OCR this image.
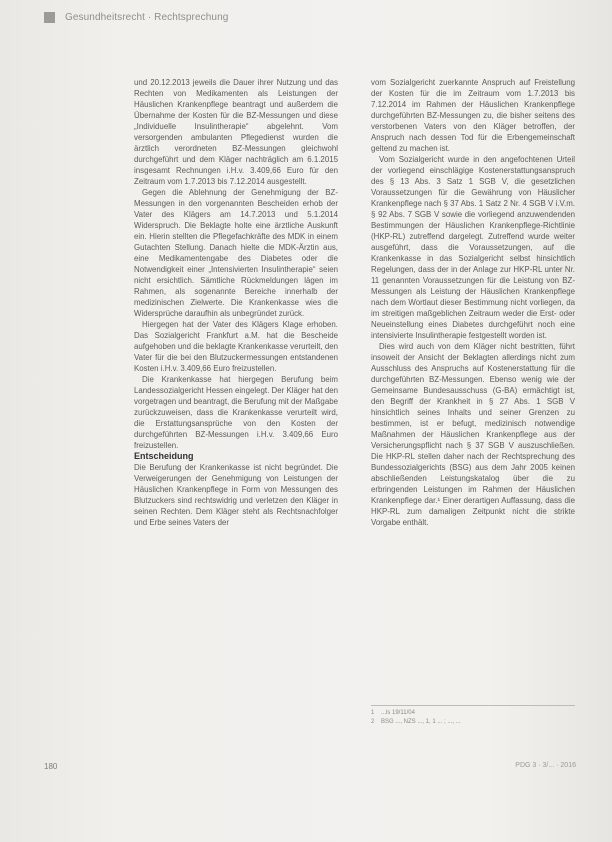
Gesundheitsrecht · Rechtsprechung

und 20.12.2013 jeweils die Dauer ihrer Nutzung und das Rechten von Medikamenten als Leistungen der Häuslichen Krankenpflege beantragt und außerdem die Übernahme der Kosten für die BZ-Messungen und diese „Individuelle Insulintherapie“ abgelehnt. Vom versorgenden ambulanten Pflegedienst wurden die ärztlich verordneten BZ-Messungen gleichwohl durchgeführt und dem Kläger nachträglich am 6.1.2015 insgesamt Rechnungen i.H.v. 3.409,66 Euro für den Zeitraum vom 1.7.2013 bis 7.12.2014 ausgestellt.

Gegen die Ablehnung der Genehmigung der BZ-Messungen in den vorgenannten Bescheiden erhob der Vater des Klägers am 14.7.2013 und 5.1.2014 Widerspruch. Die Beklagte holte eine ärztliche Auskunft ein. Hierin stellten die Pflegefachkräfte des MDK in einem Gutachten Stellung. Danach hielte die MDK-Ärztin aus, eine Medikamentengabe des Diabetes oder die Notwendigkeit einer „Intensivierten Insulintherapie“ seien nicht ersichtlich. Sämtliche Rückmeldungen lägen im Rahmen, als sogenannte Bereiche innerhalb der medizinischen Zielwerte. Die Krankenkasse wies die Widersprüche daraufhin als unbegründet zurück.

Hiergegen hat der Vater des Klägers Klage erhoben. Das Sozialgericht Frankfurt a.M. hat die Bescheide aufgehoben und die beklagte Krankenkasse verurteilt, den Vater für die bei den Blutzuckermessungen entstandenen Kosten i.H.v. 3.409,66 Euro freizustellen.

Die Krankenkasse hat hiergegen Berufung beim Landessozialgericht Hessen eingelegt. Der Kläger hat den vorgetragen und beantragt, die Berufung mit der Maßgabe zurückzuweisen, dass die Krankenkasse verurteilt wird, die Erstattungsansprüche von den Kosten der durchgeführten BZ-Messungen i.H.v. 3.409,66 Euro freizustellen.

Entscheidung

Die Berufung der Krankenkasse ist nicht begründet. Die Verweigerungen der Genehmigung von Leistungen der Häuslichen Krankenpflege in Form von Messungen des Blutzuckers sind rechtswidrig und verletzen den Kläger in seinen Rechten. Dem Kläger steht als Rechtsnachfolger und Erbe seines Vaters der

vom Sozialgericht zuerkannte Anspruch auf Freistellung der Kosten für die im Zeitraum vom 1.7.2013 bis 7.12.2014 im Rahmen der Häuslichen Krankenpflege durchgeführten BZ-Messungen zu, die bisher seitens des verstorbenen Vaters von den Kläger betroffen, der Anspruch nach dessen Tod für die Erbengemeinschaft geltend zu machen ist.

Vom Sozialgericht wurde in den angefochtenen Urteil der vorliegend einschlägige Kostenerstattungsanspruch des § 13 Abs. 3 Satz 1 SGB V, die gesetzlichen Voraussetzungen für die Gewährung von Häuslicher Krankenpflege nach § 37 Abs. 1 Satz 2 Nr. 4 SGB V i.V.m. § 92 Abs. 7 SGB V sowie die vorliegend anzuwendenden Bestimmungen der Häuslichen Krankenpflege-Richtlinie (HKP-RL) zutreffend dargelegt. Zutreffend wurde weiter ausgeführt, dass die Voraussetzungen, auf die Krankenkasse in das Sozialgericht selbst hinsichtlich Regelungen, dass der in der Anlage zur HKP-RL unter Nr. 11 genannten Voraussetzungen für die Leistung von BZ-Messungen als Leistung der Häuslichen Krankenpflege nach dem Wortlaut dieser Bestimmung nicht vorliegen, da im streitigen maßgeblichen Zeitraum weder die Erst- oder Neueinstellung eines Diabetes durchgeführt noch eine intensivierte Insulintherapie festgestellt worden ist.

Dies wird auch von dem Kläger nicht bestritten, führt insoweit der Ansicht der Beklagten allerdings nicht zum Ausschluss des Anspruchs auf Kostenerstattung für die durchgeführten BZ-Messungen. Ebenso wenig wie der Gemeinsame Bundesausschuss (G-BA) ermächtigt ist, den Begriff der Krankheit in § 27 Abs. 1 SGB V hinsichtlich seines Inhalts und seiner Grenzen zu bestimmen, ist er befugt, medizinisch notwendige Maßnahmen der Häuslichen Krankenpflege aus der Versicherungspflicht nach § 37 SGB V auszuschließen. Die HKP-RL stellen daher nach der Rechtsprechung des Bundessozialgerichts (BSG) aus dem Jahr 2005 keinen abschließenden Leistungskatalog über die zu erbringenden Leistungen im Rahmen der Häuslichen Krankenpflege dar.¹ Einer derartigen Auffassung, dass die HKP-RL zum damaligen Zeitpunkt nicht die strikte Vorgabe enthält.

1	...ls 19/11/04
2	BSG ..., NZS ..., 1, 1 ... ; ..., ...
180	PDG 3 · 3/... · 2016
